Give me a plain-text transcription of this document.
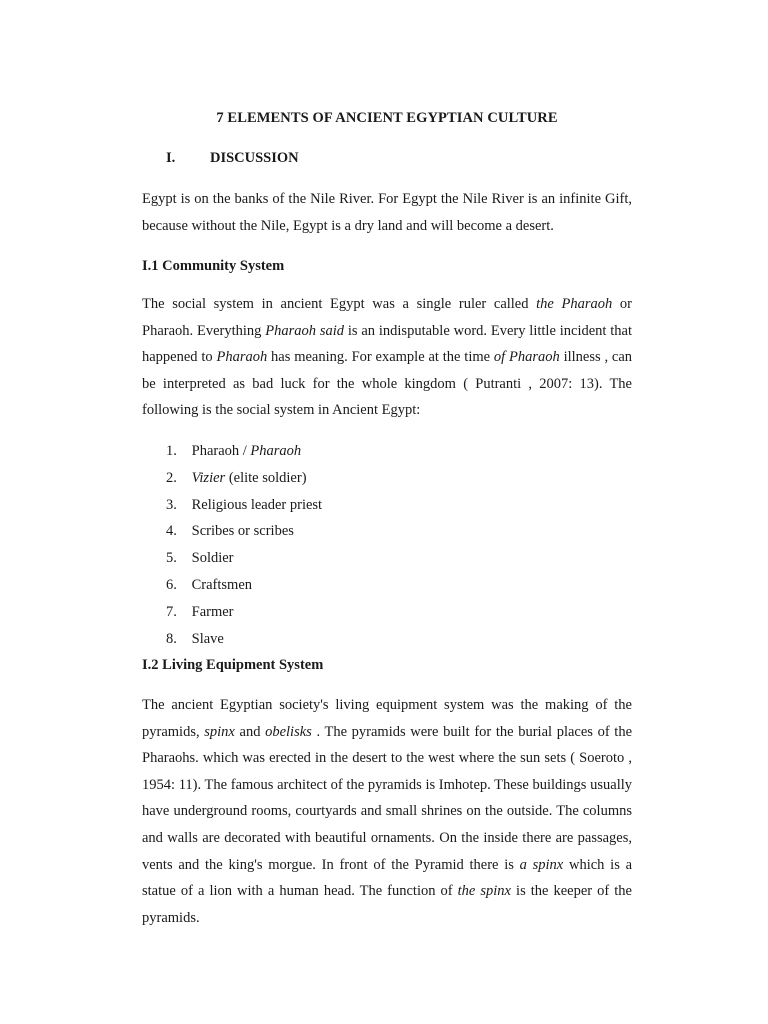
7 ELEMENTS OF ANCIENT EGYPTIAN CULTURE
I. DISCUSSION

Egypt is on the banks of the Nile River. For Egypt the Nile River is an infinite Gift, because without the Nile, Egypt is a dry land and will become a desert.

I.1 Community System

The social system in ancient Egypt was a single ruler called the Pharaoh or Pharaoh. Everything Pharaoh said is an indisputable word. Every little incident that happened to Pharaoh has meaning. For example at the time of Pharaoh illness , can be interpreted as bad luck for the whole kingdom ( Putranti , 2007: 13). The following is the social system in Ancient Egypt:

1. Pharaoh / Pharaoh
2. Vizier (elite soldier)
3. Religious leader priest
4. Scribes or scribes
5. Soldier
6. Craftsmen
7. Farmer
8. Slave
I.2 Living Equipment System

The ancient Egyptian society's living equipment system was the making of the pyramids, spinx and obelisks . The pyramids were built for the burial places of the Pharaohs. which was erected in the desert to the west where the sun sets ( Soeroto , 1954: 11). The famous architect of the pyramids is Imhotep. These buildings usually have underground rooms, courtyards and small shrines on the outside. The columns and walls are decorated with beautiful ornaments. On the inside there are passages, vents and the king's morgue. In front of the Pyramid there is a spinx which is a statue of a lion with a human head. The function of the spinx is the keeper of the pyramids.
